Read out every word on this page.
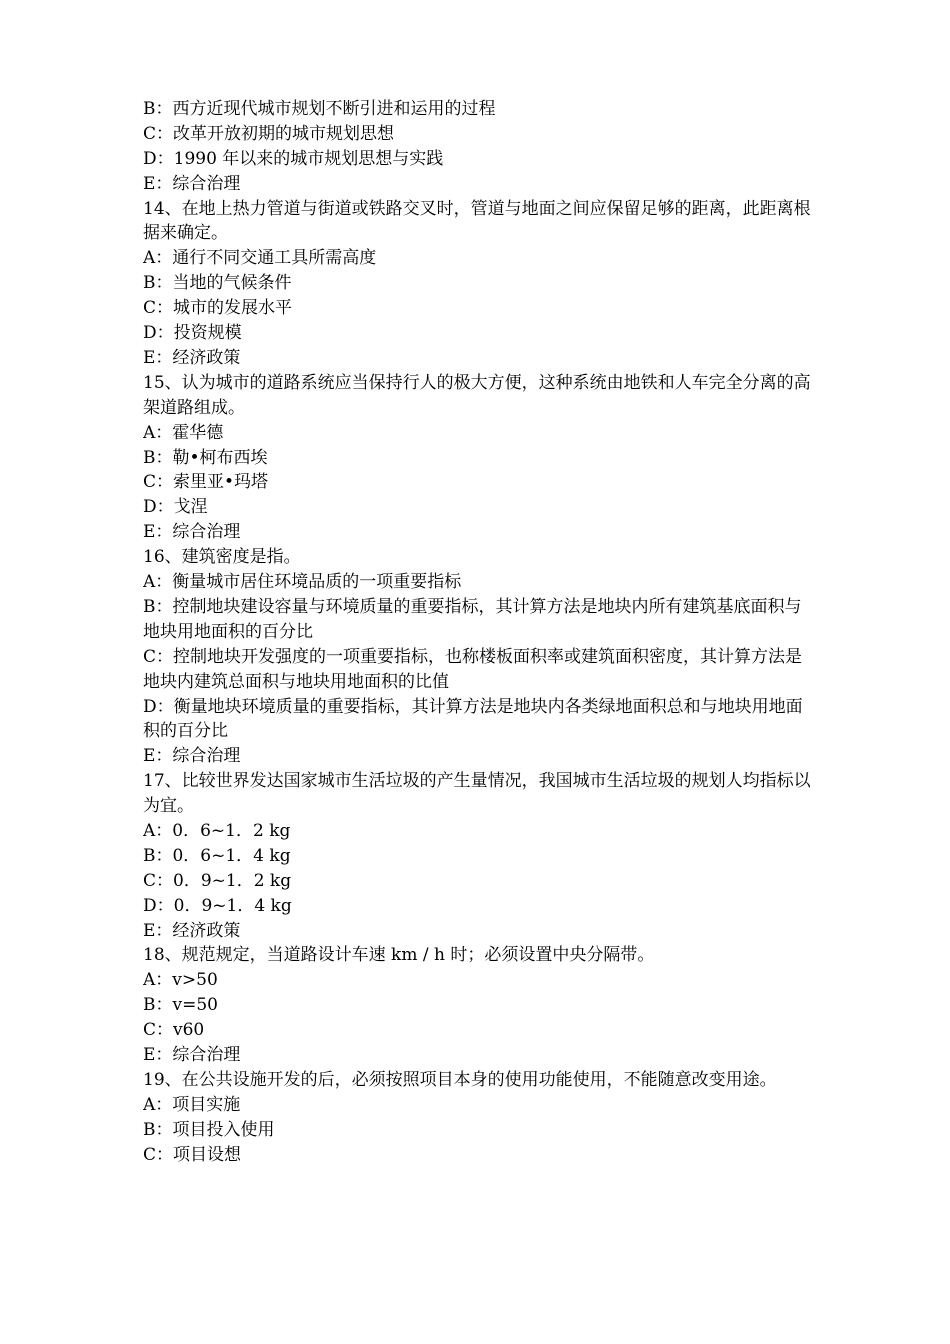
B：西方近现代城市规划不断引进和运用的过程
C：改革开放初期的城市规划思想
D：1990 年以来的城市规划思想与实践
E：综合治理
14、在地上热力管道与街道或铁路交叉时，管道与地面之间应保留足够的距离，此距离根据来确定。
A：通行不同交通工具所需高度
B：当地的气候条件
C：城市的发展水平
D：投资规模
E：经济政策
15、认为城市的道路系统应当保持行人的极大方便，这种系统由地铁和人车完全分离的高架道路组成。
A：霍华德
B：勒•柯布西埃
C：索里亚•玛塔
D：戈涅
E：综合治理
16、建筑密度是指。
A：衡量城市居住环境品质的一项重要指标
B：控制地块建设容量与环境质量的重要指标，其计算方法是地块内所有建筑基底面积与地块用地面积的百分比
C：控制地块开发强度的一项重要指标，也称楼板面积率或建筑面积密度，其计算方法是地块内建筑总面积与地块用地面积的比值
D：衡量地块环境质量的重要指标，其计算方法是地块内各类绿地面积总和与地块用地面积的百分比
E：综合治理
17、比较世界发达国家城市生活垃圾的产生量情况，我国城市生活垃圾的规划人均指标以为宜。
A：0．6~1．2 kg
B：0．6~1．4 kg
C：0．9~1．2 kg
D：0．9~1．4 kg
E：经济政策
18、规范规定，当道路设计车速 km / h 时；必须设置中央分隔带。
A：v>50
B：v=50
C：v60
E：综合治理
19、在公共设施开发的后，必须按照项目本身的使用功能使用，不能随意改变用途。
A：项目实施
B：项目投入使用
C：项目设想
